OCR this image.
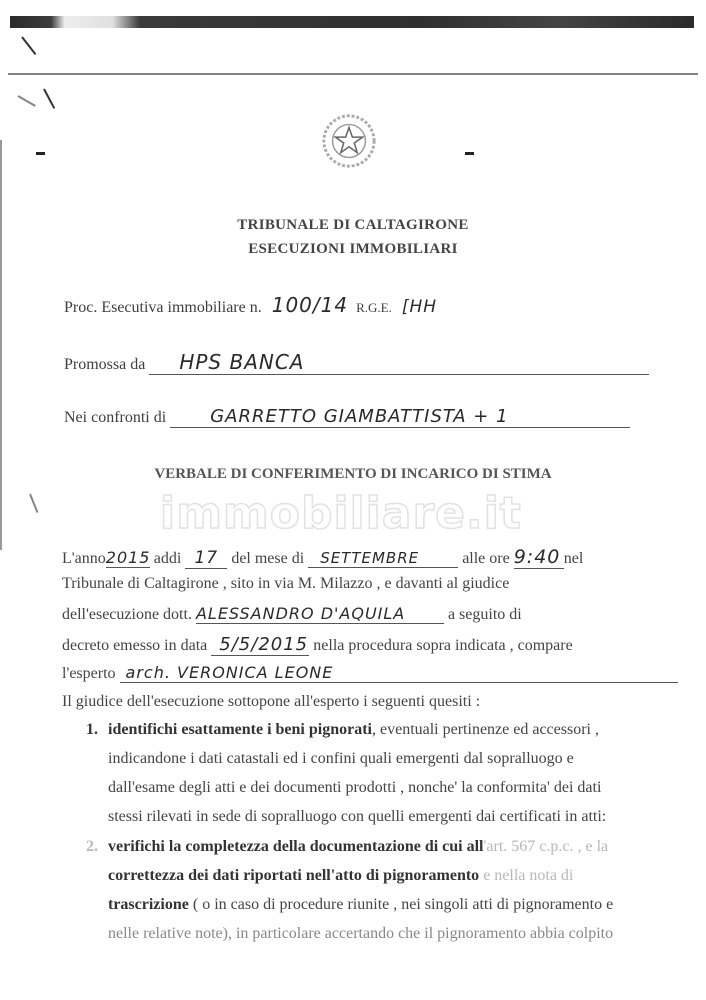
TRIBUNALE DI CALTAGIRONE
ESECUZIONI IMMOBILIARI
Proc. Esecutiva immobiliare n. 100/14 R.G.E. [HH
Promossa da HPS BANCA
Nei confronti di GARRETTO GIAMBATTISTA + 1
VERBALE DI CONFERIMENTO DI INCARICO DI STIMA
immobiliare.it
L'anno2015 addi 17 del mese di SETTEMBRE	alle ore 9:40 nel
Tribunale di Caltagirone , sito in via M. Milazzo , e davanti al giudice
dell'esecuzione dott. ALESSANDRO D'AQUILA	a seguito di
decreto emesso in data 5/5/2015 nella procedura sopra indicata , compare
l'esperto arch. VERONICA LEONE
Il giudice dell'esecuzione sottopone all'esperto i seguenti quesiti :
1. identifichi esattamente i beni pignorati, eventuali pertinenze ed accessori ,
indicandone i dati catastali ed i confini quali emergenti dal sopralluogo e
dall'esame degli atti e dei documenti prodotti , nonche' la conformita' dei dati
stessi rilevati in sede di sopralluogo con quelli emergenti dai certificati in atti:
2. verifichi la completezza della documentazione di cui all'art. 567 c.p.c. , e la
correttezza dei dati riportati nell'atto di pignoramento e nella nota di
trascrizione ( o in caso di procedure riunite , nei singoli atti di pignoramento e
nelle relative note), in particolare accertando che il pignoramento abbia colpito
